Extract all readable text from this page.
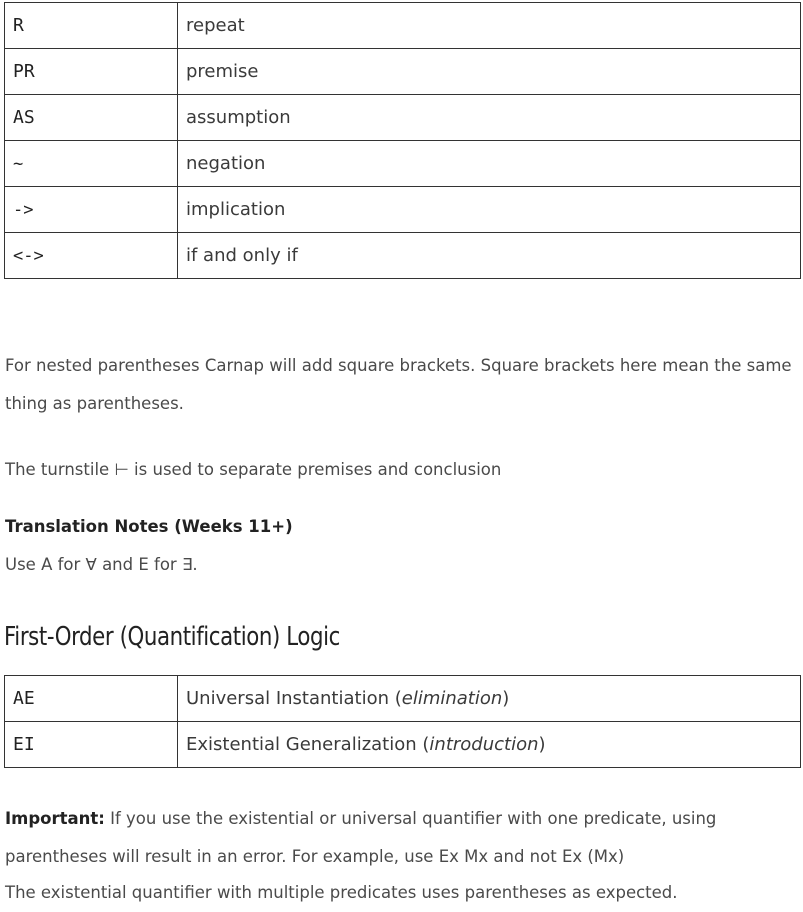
R	repeat
PR	premise
AS	assumption
~	negation
->	implication
<->	if and only if

For nested parentheses Carnap will add square brackets. Square brackets here mean the same thing as parentheses.

The turnstile ⊢ is used to separate premises and conclusion

Translation Notes (Weeks 11+)

Use A for ∀ and E for ∃.

First-Order (Quantification) Logic
AE	Universal Instantiation (elimination)
EI	Existential Generalization (introduction)

Important: If you use the existential or universal quantifier with one predicate, using parentheses will result in an error. For example, use Ex Mx and not Ex (Mx)

The existential quantifier with multiple predicates uses parentheses as expected.
